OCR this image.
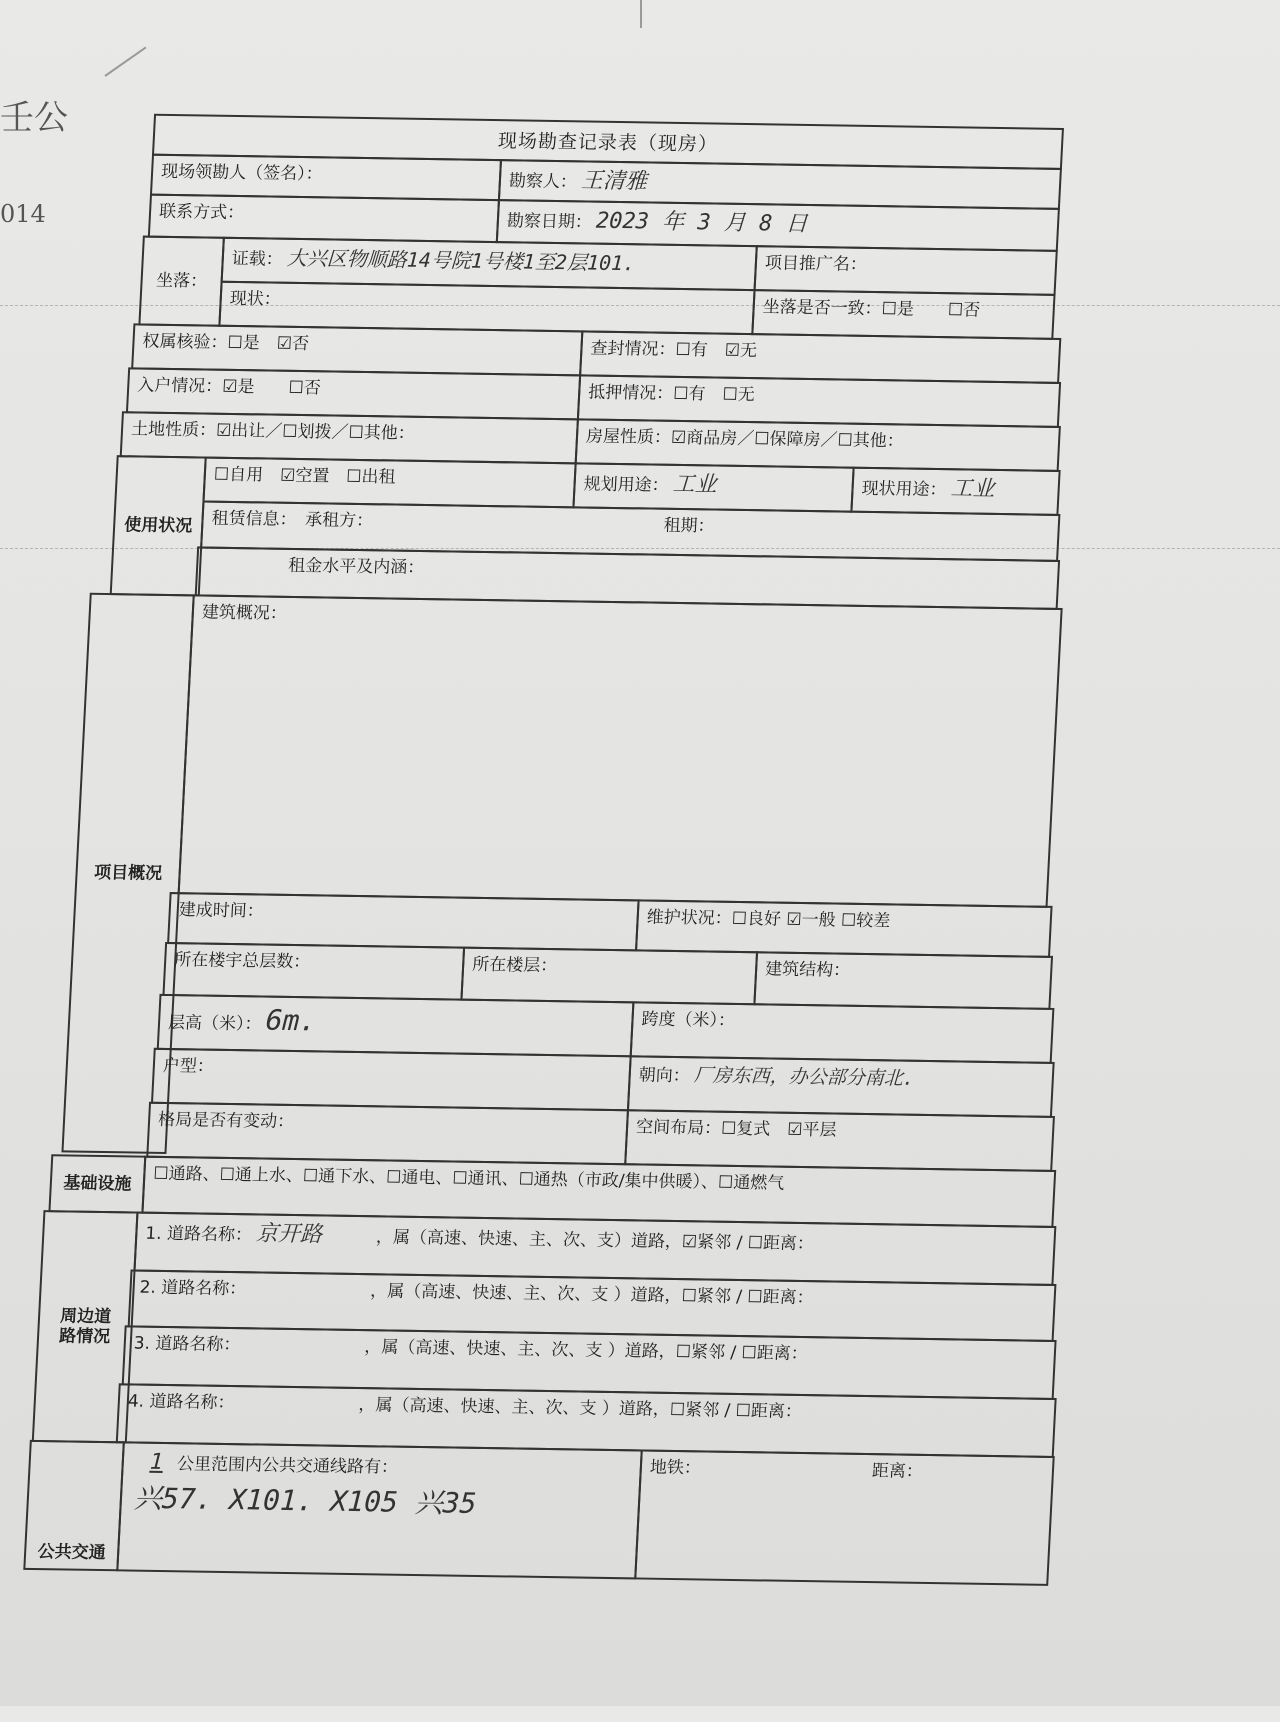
壬公
014
现场勘查记录表（现房）
现场领勘人（签名）：	勘察人： 王清雅
联系方式：	勘察日期： 2023 年 3 月 8 日
坐落：
证载： 大兴区物顺路14号院1号楼1至2层101.	项目推广名：
现状：	坐落是否一致：☐是　　☐否
权属核验：☐是　☑否	查封情况：☐有　☑无
入户情况：☑是　　☐否	抵押情况：☐有　☐无
土地性质：☑出让／☐划拨／☐其他：	房屋性质：☑商品房／☐保障房／☐其他：
使用状况
☐自用　☑空置　☐出租	规划用途： 工业	现状用途： 工业
租赁信息：　承租方：	租期：
租金水平及内涵：
项目概况
建筑概况：
建成时间：	维护状况：☐良好 ☑一般 ☐较差
所在楼宇总层数：	所在楼层：	建筑结构：
层高（米）： 6m.	跨度（米）：
户型：	朝向： 厂房东西，办公部分南北.
格局是否有变动：	空间布局：☐复式　☑平层
基础设施	☐通路、☐通上水、☐通下水、☐通电、☐通讯、☐通热（市政/集中供暖）、☐通燃气
周边道路情况
1. 道路名称： 京开路	，属（高速、快速、主、次、支）道路，☑紧邻 / ☐距离：
2. 道路名称：	，属（高速、快速、主、次、支 ）道路，☐紧邻 / ☐距离：
3. 道路名称：	，属（高速、快速、主、次、支 ）道路，☐紧邻 / ☐距离：
4. 道路名称：	，属（高速、快速、主、次、支 ）道路，☐紧邻 / ☐距离：
公共交通
1 公里范围内公共交通线路有：
兴57. X101. X105 兴35
地铁：	距离：
